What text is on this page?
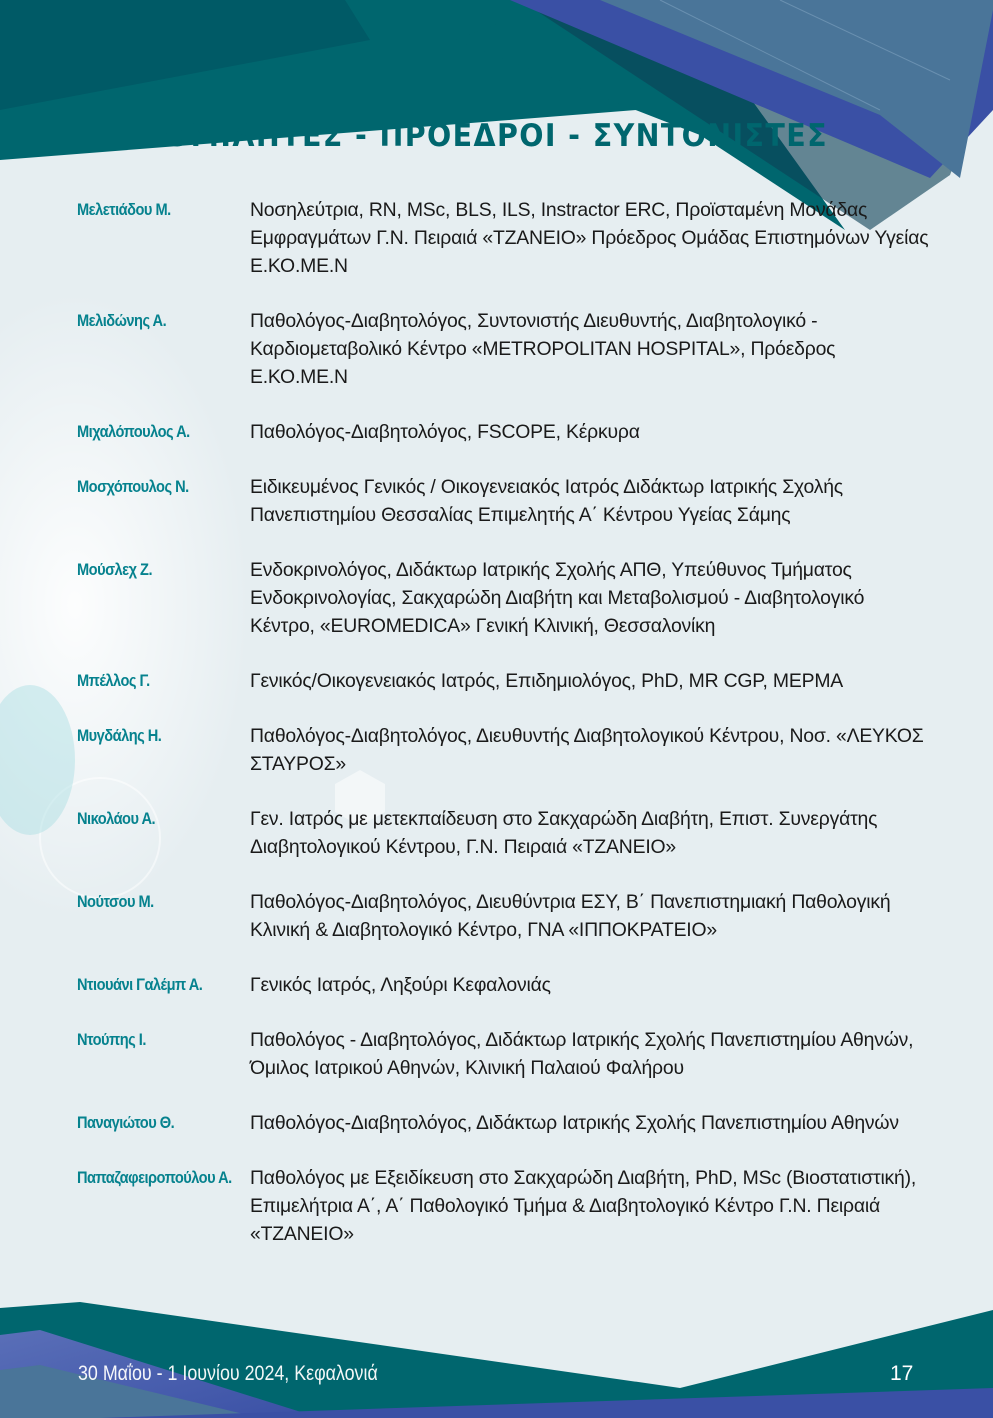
ΟΜΙΛΗΤΕΣ - ΠΡΟΕΔΡΟΙ - ΣΥΝΤΟΝΙΣΤΕΣ
Μελετιάδου Μ.	Νοσηλεύτρια, RN, MSc, BLS, ILS, Instractor ERC, Προϊσταμένη Μονάδας Εμφραγμάτων Γ.Ν. Πειραιά «ΤΖΑΝΕΙΟ» Πρόεδρος Ομάδας Επιστημόνων Υγείας Ε.ΚΟ.ΜΕ.Ν
Μελιδώνης Α.	Παθολόγος-Διαβητολόγος, Συντονιστής Διευθυντής, Διαβητολογικό - Καρδιομεταβολικό Κέντρο «METROPOLITAN HOSPITAL», Πρόεδρος Ε.ΚΟ.ΜΕ.Ν
Μιχαλόπουλος Α.	Παθολόγος-Διαβητολόγος, FSCOPE, Κέρκυρα
Μοσχόπουλος Ν.	Ειδικευμένος Γενικός / Οικογενειακός Ιατρός Διδάκτωρ Ιατρικής Σχολής Πανεπιστημίου Θεσσαλίας Επιμελητής Α΄ Κέντρου Υγείας Σάμης
Μούσλεχ Ζ.	Ενδοκρινολόγος, Διδάκτωρ Ιατρικής Σχολής ΑΠΘ, Υπεύθυνος Τμήματος Ενδοκρινολογίας, Σακχαρώδη Διαβήτη και Μεταβολισμού - Διαβητολογικό Κέντρο, «EUROMEDICA» Γενική Κλινική, Θεσσαλονίκη
Μπέλλος Γ.	Γενικός/Οικογενειακός Ιατρός, Επιδημιολόγος, PhD, MR CGP, MEPMA
Μυγδάλης Η.	Παθολόγος-Διαβητολόγος, Διευθυντής Διαβητολογικού Κέντρου, Νοσ. «ΛΕΥΚΟΣ ΣΤΑΥΡΟΣ»
Νικολάου Α.	Γεν. Ιατρός με μετεκπαίδευση στο Σακχαρώδη Διαβήτη, Επιστ. Συνεργάτης Διαβητολογικού Κέντρου, Γ.Ν. Πειραιά «ΤΖΑΝΕΙΟ»
Νούτσου Μ.	Παθολόγος-Διαβητολόγος, Διευθύντρια ΕΣΥ, Β΄ Πανεπιστημιακή Παθολογική Κλινική & Διαβητολογικό Κέντρο, ΓΝΑ «ΙΠΠΟΚΡΑΤΕΙΟ»
Ντιουάνι Γαλέμπ Α.	Γενικός Ιατρός, Ληξούρι Κεφαλονιάς
Ντούπης Ι.	Παθολόγος - Διαβητολόγος, Διδάκτωρ Ιατρικής Σχολής Πανεπιστημίου Αθηνών, Όμιλος Ιατρικού Αθηνών, Κλινική Παλαιού Φαλήρου
Παναγιώτου Θ.	Παθολόγος-Διαβητολόγος, Διδάκτωρ Ιατρικής Σχολής Πανεπιστημίου Αθηνών
Παπαζαφειροπούλου Α. Παθολόγος με Εξειδίκευση στο Σακχαρώδη Διαβήτη, PhD, MSc (Βιοστατιστική), Επιμελήτρια Α΄, Α΄ Παθολογικό Τμήμα & Διαβητολογικό Κέντρο Γ.Ν. Πειραιά «ΤΖΑΝΕΙΟ»
30 Μαΐου - 1 Ιουνίου 2024, Κεφαλονιά	17
